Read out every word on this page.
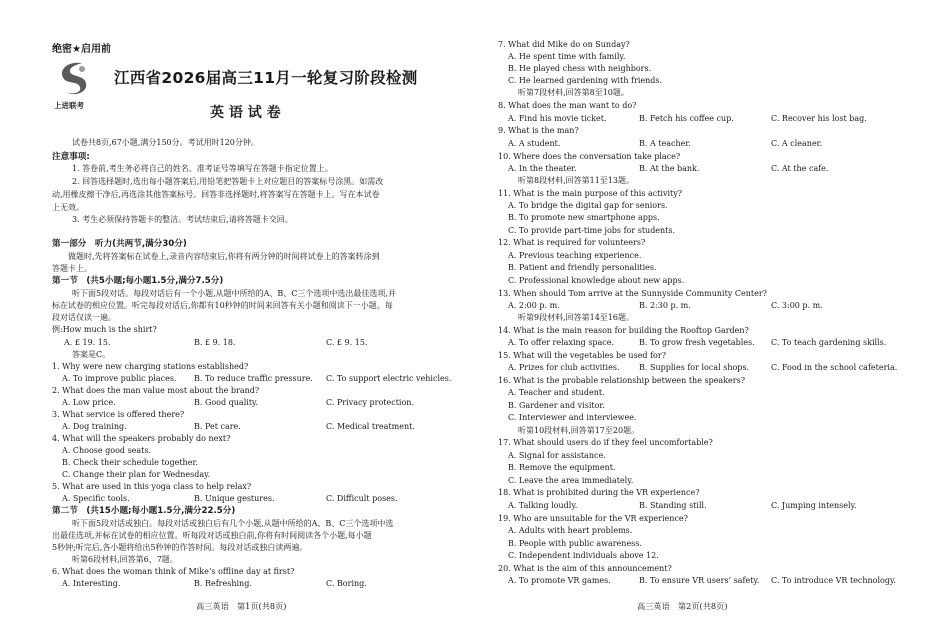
绝密★启用前
上进联考
江西省2026届高三11月一轮复习阶段检测
英 语 试 卷
试卷共8页,67小题,满分150分。考试用时120分钟。
注意事项:
1. 答卷前,考生务必将自己的姓名、准考证号等填写在答题卡指定位置上。
2. 回答选择题时,选出每小题答案后,用铅笔把答题卡上对应题目的答案标号涂黑。如需改
动,用橡皮擦干净后,再选涂其他答案标号。回答非选择题时,将答案写在答题卡上。写在本试卷
上无效。
3. 考生必须保持答题卡的整洁。考试结束后,请将答题卡交回。
第一部分　听力(共两节,满分30分)
做题时,先将答案标在试卷上,录音内容结束后,你将有两分钟的时间将试卷上的答案转涂到
答题卡上。
第一节　(共5小题;每小题1.5分,满分7.5分)
听下面5段对话。每段对话后有一个小题,从题中所给的A、B、C三个选项中选出最佳选项,并
标在试卷的相应位置。听完每段对话后,你都有10秒钟的时间来回答有关小题和阅读下一小题。每
段对话仅读一遍。
例:How much is the shirt?
A. £ 19. 15.	B. £ 9. 18.	C. £ 9. 15.
答案是C。
1. Why were new charging stations established?
A. To improve public places. B. To reduce traffic pressure. C. To support electric vehicles.
2. What does the man value most about the brand?
A. Low price.	B. Good quality.	C. Privacy protection.
3. What service is offered there?
A. Dog training.	B. Pet care.	C. Medical treatment.
4. What will the speakers probably do next?
A. Choose good seats.
B. Check their schedule together.
C. Change their plan for Wednesday.
5. What are used in this yoga class to help relax?
A. Specific tools.	B. Unique gestures.	C. Difficult poses.
第二节　(共15小题;每小题1.5分,满分22.5分)
听下面5段对话或独白。每段对话或独白后有几个小题,从题中所给的A、B、C三个选项中选
出最佳选项,并标在试卷的相应位置。听每段对话或独白前,你将有时间阅读各个小题,每小题
5秒钟;听完后,各小题将给出5秒钟的作答时间。每段对话或独白读两遍。
听第6段材料,回答第6、7题。
6. What does the woman think of Mike’s offline day at first?
A. Interesting.	B. Refreshing.	C. Boring.
高三英语　第1页(共8页)
7. What did Mike do on Sunday?
A. He spent time with family.
B. He played chess with neighbors.
C. He learned gardening with friends.
听第7段材料,回答第8至10题。
8. What does the man want to do?
A. Find his movie ticket.	B. Fetch his coffee cup.	C. Recover his lost bag.
9. What is the man?
A. A student.	B. A teacher.	C. A cleaner.
10. Where does the conversation take place?
A. In the theater.	B. At the bank.	C. At the cafe.
听第8段材料,回答第11至13题。
11. What is the main purpose of this activity?
A. To bridge the digital gap for seniors.
B. To promote new smartphone apps.
C. To provide part-time jobs for students.
12. What is required for volunteers?
A. Previous teaching experience.
B. Patient and friendly personalities.
C. Professional knowledge about new apps.
13. When should Tom arrive at the Sunnyside Community Center?
A. 2:00 p. m.	B. 2:30 p. m.	C. 3:00 p. m.
听第9段材料,回答第14至16题。
14. What is the main reason for building the Rooftop Garden?
A. To offer relaxing space.	B. To grow fresh vegetables. C. To teach gardening skills.
15. What will the vegetables be used for?
A. Prizes for club activities. B. Supplies for local shops.	C. Food in the school cafeteria.
16. What is the probable relationship between the speakers?
A. Teacher and student.
B. Gardener and visitor.
C. Interviewer and interviewee.
听第10段材料,回答第17至20题。
17. What should users do if they feel uncomfortable?
A. Signal for assistance.
B. Remove the equipment.
C. Leave the area immediately.
18. What is prohibited during the VR experience?
A. Talking loudly.	B. Standing still.	C. Jumping intensely.
19. Who are unsuitable for the VR experience?
A. Adults with heart problems.
B. People with public awareness.
C. Independent individuals above 12.
20. What is the aim of this announcement?
A. To promote VR games.	B. To ensure VR users’ safety. C. To introduce VR technology.
高三英语　第2页(共8页)
